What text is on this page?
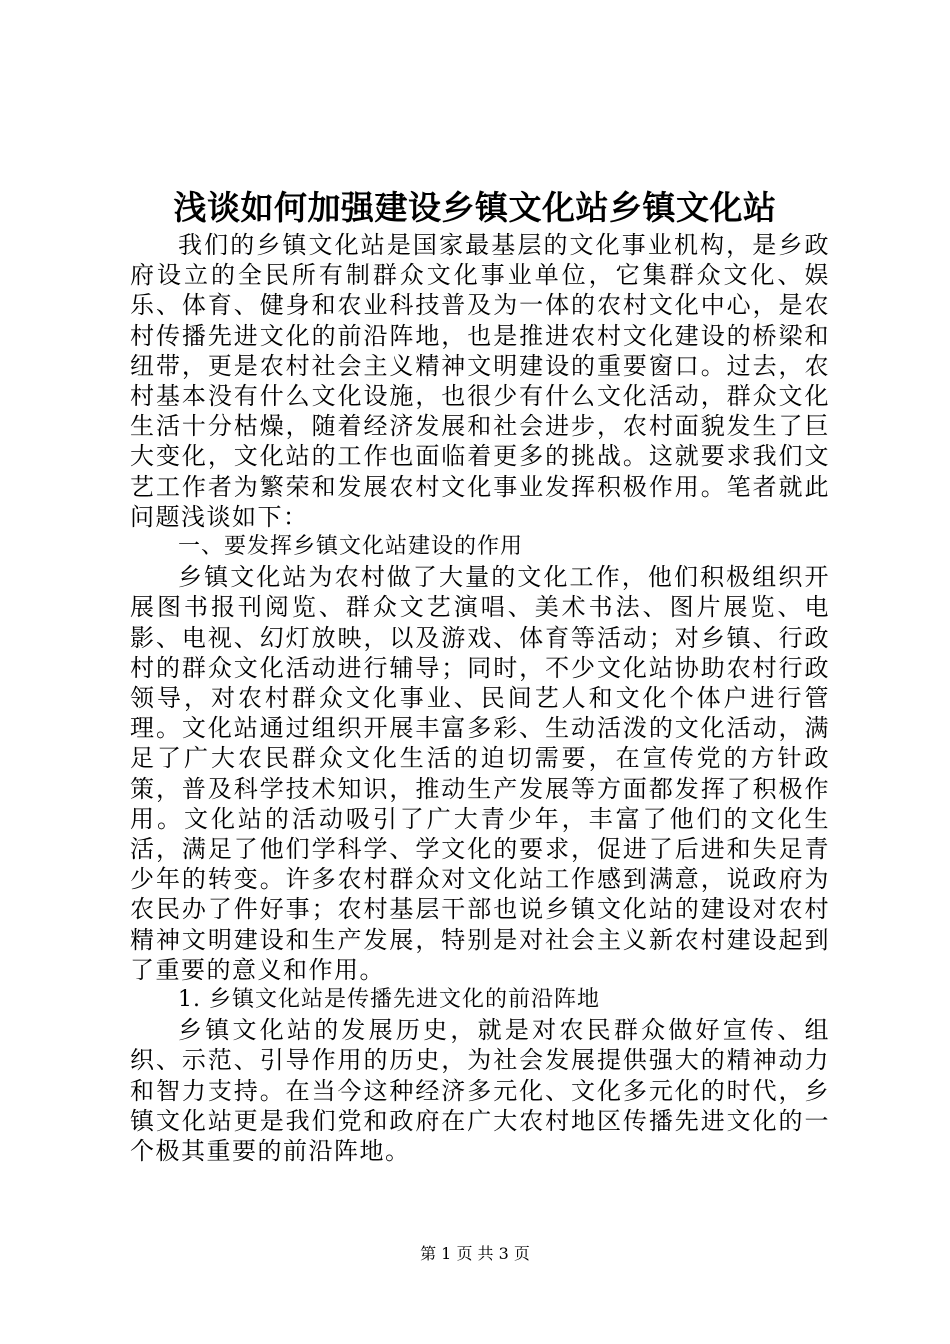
浅谈如何加强建设乡镇文化站乡镇文化站

我们的乡镇文化站是国家最基层的文化事业机构，是乡政府设立的全民所有制群众文化事业单位，它集群众文化、娱乐、体育、健身和农业科技普及为一体的农村文化中心，是农村传播先进文化的前沿阵地，也是推进农村文化建设的桥梁和纽带，更是农村社会主义精神文明建设的重要窗口。过去，农村基本没有什么文化设施，也很少有什么文化活动，群众文化生活十分枯燥，随着经济发展和社会进步，农村面貌发生了巨大变化，文化站的工作也面临着更多的挑战。这就要求我们文艺工作者为繁荣和发展农村文化事业发挥积极作用。笔者就此问题浅谈如下：

一、要发挥乡镇文化站建设的作用

乡镇文化站为农村做了大量的文化工作，他们积极组织开展图书报刊阅览、群众文艺演唱、美术书法、图片展览、电影、电视、幻灯放映，以及游戏、体育等活动；对乡镇、行政村的群众文化活动进行辅导；同时，不少文化站协助农村行政领导，对农村群众文化事业、民间艺人和文化个体户进行管理。文化站通过组织开展丰富多彩、生动活泼的文化活动，满足了广大农民群众文化生活的迫切需要，在宣传党的方针政策，普及科学技术知识，推动生产发展等方面都发挥了积极作用。文化站的活动吸引了广大青少年，丰富了他们的文化生活，满足了他们学科学、学文化的要求，促进了后进和失足青少年的转变。许多农村群众对文化站工作感到满意，说政府为农民办了件好事；农村基层干部也说乡镇文化站的建设对农村精神文明建设和生产发展，特别是对社会主义新农村建设起到了重要的意义和作用。

1. 乡镇文化站是传播先进文化的前沿阵地

乡镇文化站的发展历史，就是对农民群众做好宣传、组织、示范、引导作用的历史，为社会发展提供强大的精神动力和智力支持。在当今这种经济多元化、文化多元化的时代，乡镇文化站更是我们党和政府在广大农村地区传播先进文化的一个极其重要的前沿阵地。

第 1 页 共 3 页
